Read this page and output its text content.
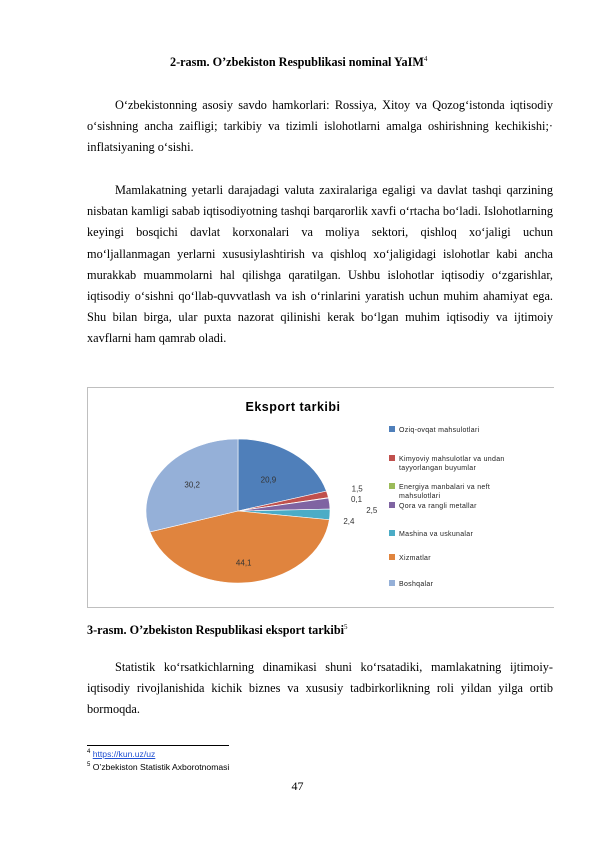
2-rasm. O’zbekiston Respublikasi nominal YaIM$^4$

O‘zbekistonning asosiy savdo hamkorlari: Rossiya, Xitoy va Qozog‘istonda iqtisodiy o‘sishning ancha zaifligi; tarkibiy va tizimli islohotlarni amalga oshirishning kechikishi;· inflatsiyaning o‘sishi.

Mamlakatning yetarli darajadagi valuta zaxiralariga egaligi va davlat tashqi qarzining nisbatan kamligi sabab iqtisodiyotning tashqi barqarorlik xavfi o‘rtacha bo‘ladi. Islohotlarning keyingi bosqichi davlat korxonalari va moliya sektori, qishloq xo‘jaligi uchun mo‘ljallanmagan yerlarni xususiylashtirish va qishloq xo‘jaligidagi islohotlar kabi ancha murakkab muammolarni hal qilishga qaratilgan. Ushbu islohotlar iqtisodiy o‘zgarishlar, iqtisodiy o‘sishni qo‘llab-quvvatlash va ish o‘rinlarini yaratish uchun muhim ahamiyat ega. Shu bilan birga, ular puxta nazorat qilinishi kerak bo‘lgan muhim iqtisodiy va ijtimoiy xavflarni ham qamrab oladi.

Eksport tarkibi
20,9
1,5
0,1
2,5
2,4
44,1
30,2
Oziq-ovqat mahsulotlari
Kimyoviy mahsulotlar va undan tayyorlangan buyumlar
Energiya manbalari va neft mahsulotlari
Qora va rangli metallar
Mashina va uskunalar
Xizmatlar
Boshqalar
3-rasm. O’zbekiston Respublikasi eksport tarkibi$^5$

Statistik ko‘rsatkichlarning dinamikasi shuni ko‘rsatadiki, mamlakatning ijtimoiy-iqtisodiy rivojlanishida kichik biznes va xususiy tadbirkorlikning roli yildan yilga ortib bormoqda.

$^4$ https://kun.uz/uz
$^5$ O’zbekiston Statistik Axborotnomasi
47
